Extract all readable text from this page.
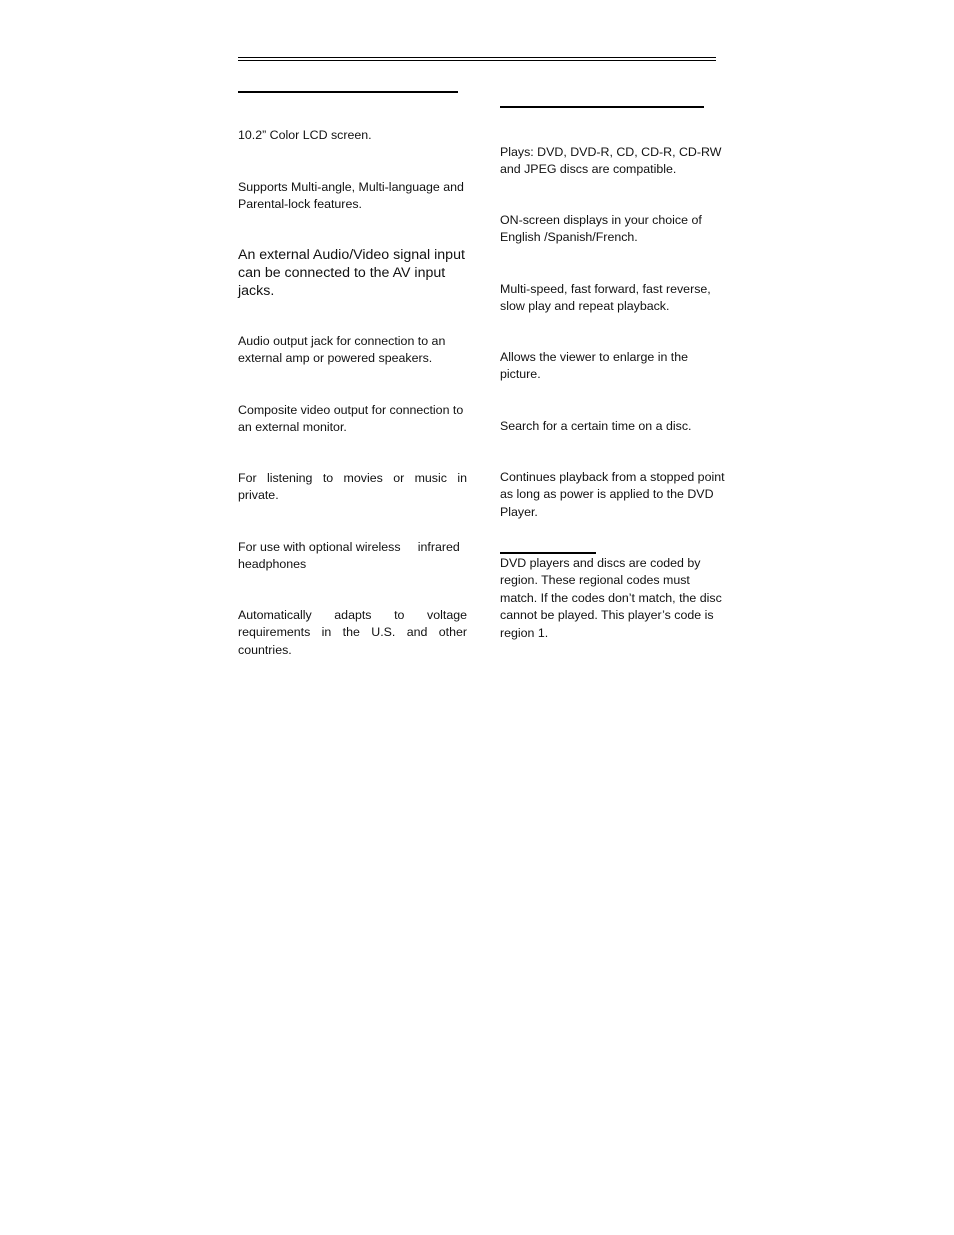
10.2” Color LCD screen.

Supports Multi-angle, Multi-language and Parental-lock features.

An external Audio/Video signal input can be connected to the AV input jacks.

Audio output jack for connection to an external amp or powered speakers.

Composite video output for connection to an external monitor.

For listening to movies or music in private.

For use with optional wireless     infrared headphones

Automatically adapts to voltage requirements in the U.S. and other countries.

Plays: DVD, DVD-R, CD, CD-R, CD-RW and JPEG discs are compatible.

ON-screen displays in your choice of English /Spanish/French.

Multi-speed, fast forward, fast reverse, slow play and repeat playback.

Allows the viewer to enlarge in the picture.

Search for a certain time on a disc.

Continues playback from a stopped point as long as power is applied to the DVD Player.

DVD players and discs are coded by region. These regional codes must match. If the codes don’t match, the disc cannot be played. This player’s code is region 1.
